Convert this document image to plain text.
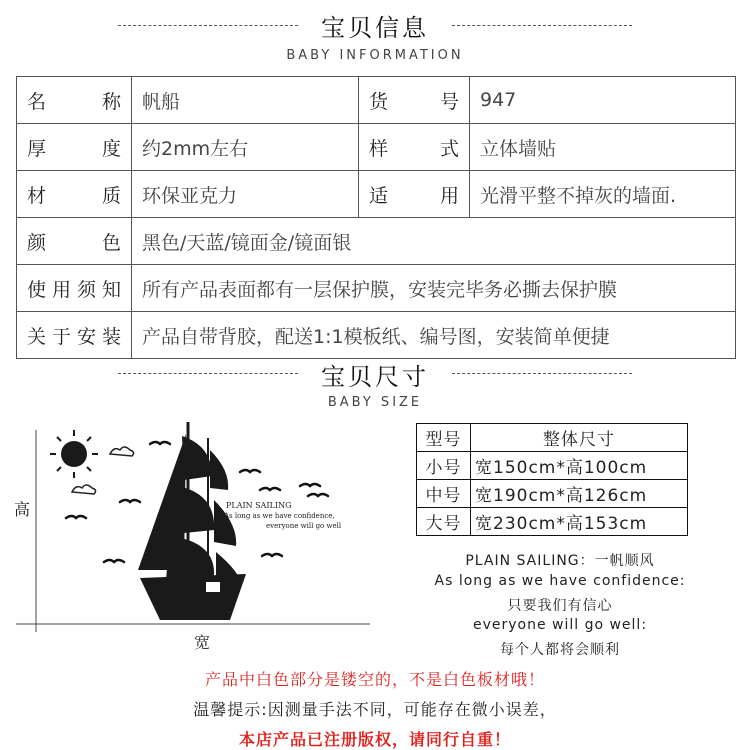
宝贝信息
BABY INFORMATION
名称	帆船	货号	947
厚度	约2mm左右	样式	立体墙贴
材质	环保亚克力	适用	光滑平整不掉灰的墙面.
颜色	黑色/天蓝/镜面金/镜面银		
使用须知	所有产品表面都有一层保护膜，安装完毕务必撕去保护膜		
关于安装	产品自带背胶，配送1:1模板纸、编号图，安装简单便捷		
宝贝尺寸
BABY SIZE
PLAIN SAILING
As long as we have confidence,
everyone will go well
高
宽
型号	整体尺寸
小号	宽150cm*高100cm
中号	宽190cm*高126cm
大号	宽230cm*高153cm
PLAIN SAILING：一帆顺风
As long as we have confidence:
只要我们有信心
everyone will go well:
每个人都将会顺利
产品中白色部分是镂空的，不是白色板材哦！
温馨提示:因测量手法不同，可能存在微小误差，
本店产品已注册版权，请同行自重！
